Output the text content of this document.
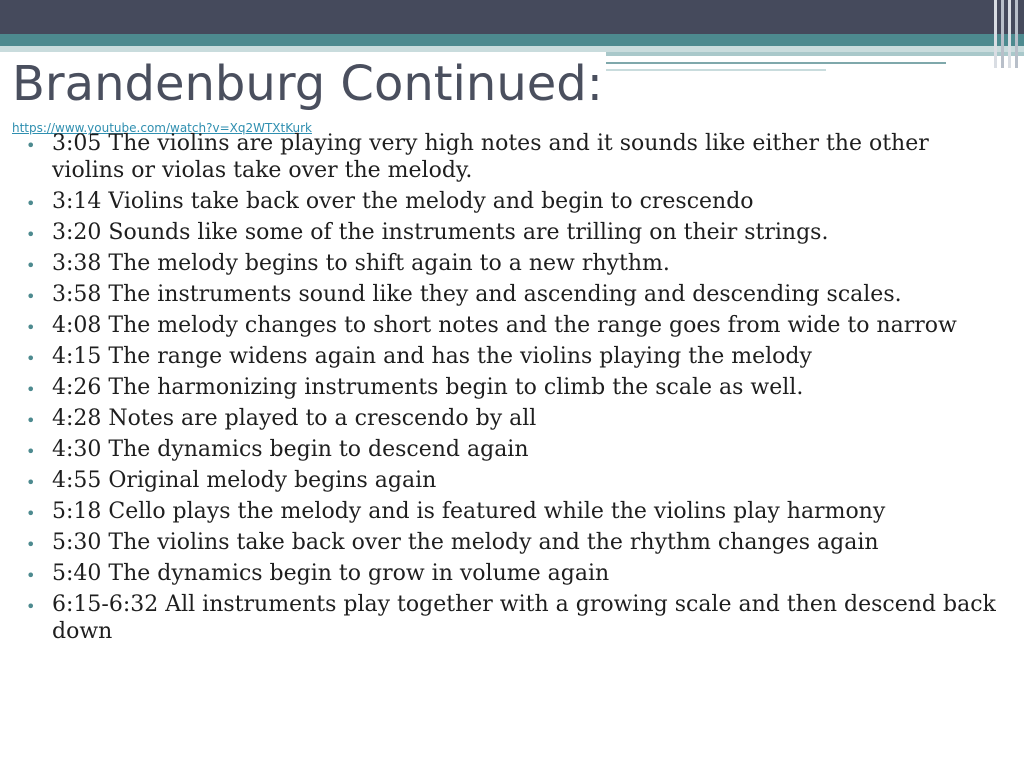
Brandenburg Continued:
https://www.youtube.com/watch?v=Xq2WTXtKurk
• 3:05 The violins are playing very high notes and it sounds like either the other violins or violas take over the melody.
• 3:14 Violins take back over the melody and begin to crescendo
• 3:20 Sounds like some of the instruments are trilling on their strings.
• 3:38 The melody begins to shift again to a new rhythm.
• 3:58 The instruments sound like they and ascending and descending scales.
• 4:08 The melody changes to short notes and the range goes from wide to narrow
• 4:15 The range widens again and has the violins playing the melody
• 4:26 The harmonizing instruments begin to climb the scale as well.
• 4:28 Notes are played to a crescendo by all
• 4:30 The dynamics begin to descend again
• 4:55 Original melody begins again
• 5:18 Cello plays the melody and is featured while the violins play harmony
• 5:30 The violins take back over the melody and the rhythm changes again
• 5:40 The dynamics begin to grow in volume again
• 6:15-6:32 All instruments play together with a growing scale and then descend back down
